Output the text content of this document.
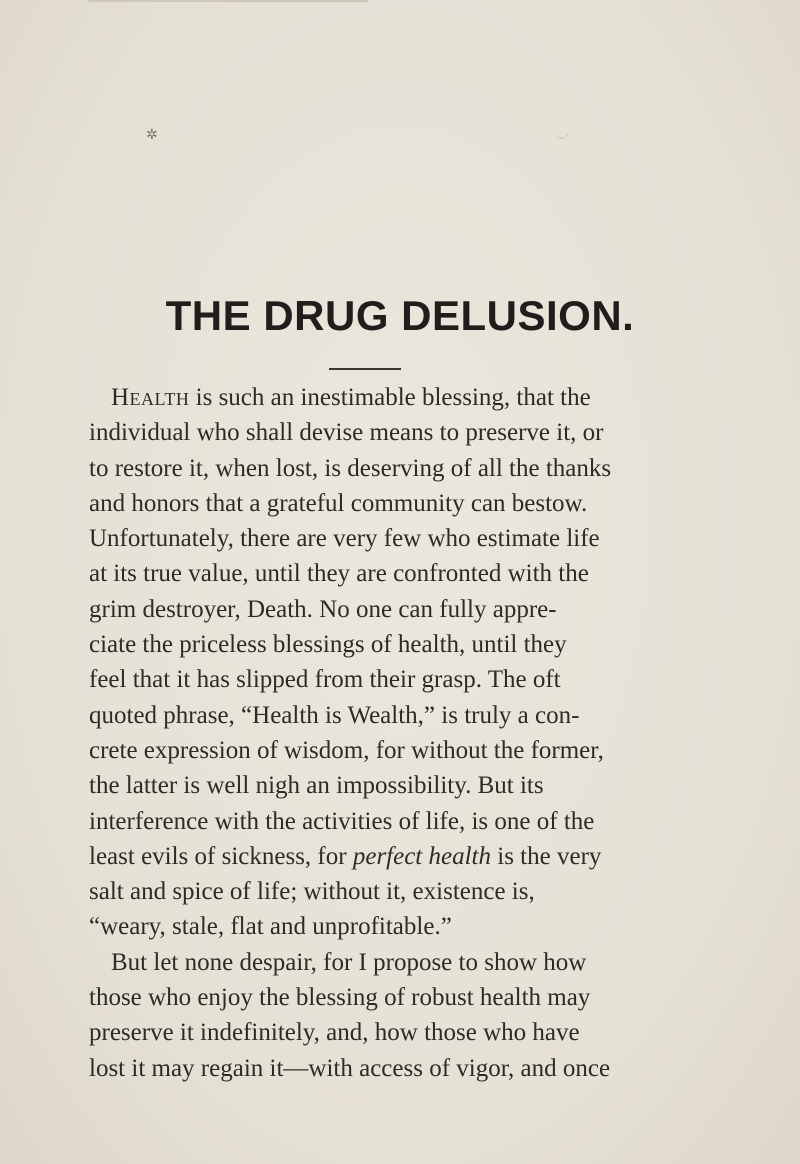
✲	·-·'
THE DRUG DELUSION.

Health is such an inestimable blessing, that the
individual who shall devise means to preserve it, or
to restore it, when lost, is deserving of all the thanks
and honors that a grateful community can bestow.
Unfortunately, there are very few who estimate life
at its true value, until they are confronted with the
grim destroyer, Death. No one can fully appre-
ciate the priceless blessings of health, until they
feel that it has slipped from their grasp. The oft
quoted phrase, “Health is Wealth,” is truly a con-
crete expression of wisdom, for without the former,
the latter is well nigh an impossibility. But its
interference with the activities of life, is one of the
least evils of sickness, for perfect health is the very
salt and spice of life; without it, existence is,
“weary, stale, flat and unprofitable.”

But let none despair, for I propose to show how
those who enjoy the blessing of robust health may
preserve it indefinitely, and, how those who have
lost it may regain it—with access of vigor, and once
